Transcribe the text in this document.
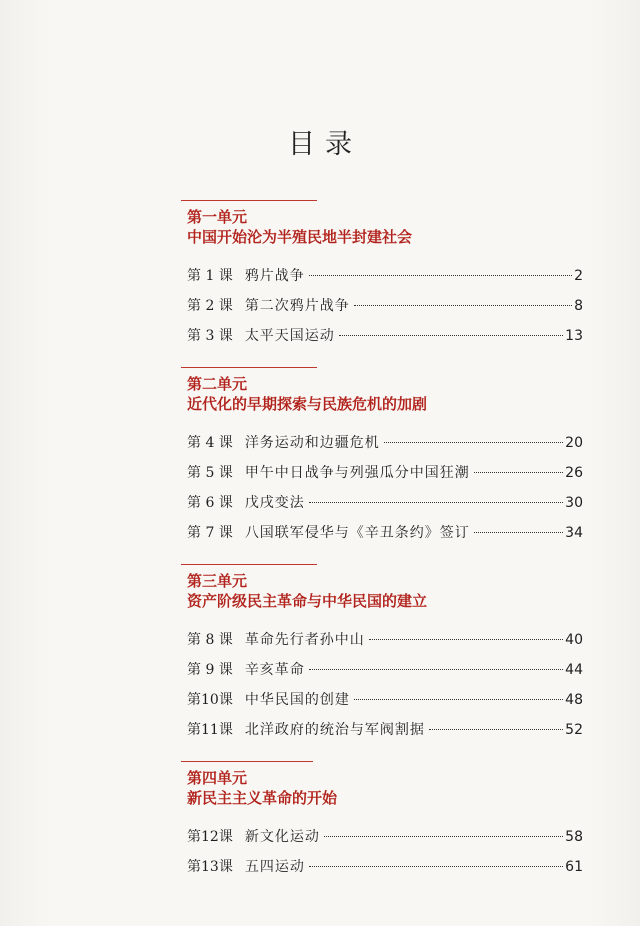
目录
第一单元
中国开始沦为半殖民地半封建社会
第 1 课 鸦片战争	2
第 2 课 第二次鸦片战争	8
第 3 课 太平天国运动	13
第二单元
近代化的早期探索与民族危机的加剧
第 4 课 洋务运动和边疆危机	20
第 5 课 甲午中日战争与列强瓜分中国狂潮	26
第 6 课 戊戌变法	30
第 7 课 八国联军侵华与《辛丑条约》签订	34
第三单元
资产阶级民主革命与中华民国的建立
第 8 课 革命先行者孙中山	40
第 9 课 辛亥革命	44
第10课 中华民国的创建	48
第11课 北洋政府的统治与军阀割据	52
第四单元
新民主主义革命的开始
第12课 新文化运动	58
第13课 五四运动	61
